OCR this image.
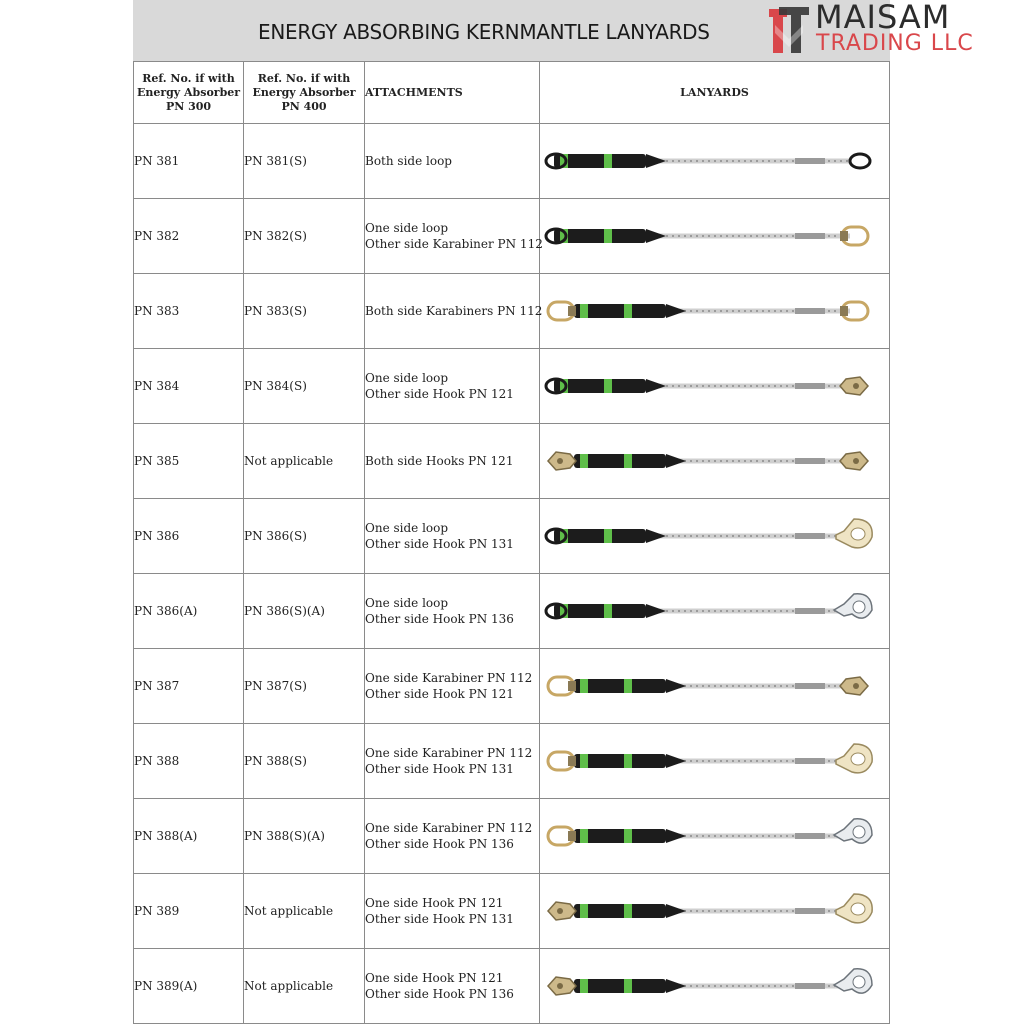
ENERGY ABSORBING KERNMANTLE LANYARDS
Ref. No. if with
Energy Absorber
PN 300	Ref. No. if with
Energy Absorber
PN 400	ATTACHMENTS	LANYARDS

PN 381	PN 381(S)	Both side loop

PN 382	PN 382(S)	One side loop
Other side Karabiner PN 112

PN 383	PN 383(S)	Both side Karabiners PN 112

PN 384	PN 384(S)	One side loop
Other side Hook PN 121

PN 385	Not applicable	Both side Hooks PN 121

PN 386	PN 386(S)	One side loop
Other side Hook PN 131

PN 386(A)	PN 386(S)(A)	One side loop
Other side Hook PN 136

PN 387	PN 387(S)	One side Karabiner PN 112
Other side Hook PN 121

PN 388	PN 388(S)	One side Karabiner PN 112
Other side Hook PN 131

PN 388(A)	PN 388(S)(A)	One side Karabiner PN 112
Other side Hook PN 136

PN 389	Not applicable	One side Hook PN 121
Other side Hook PN 131

PN 389(A)	Not applicable	One side Hook PN 121
Other side Hook PN 136

MAISAM
TRADING LLC
